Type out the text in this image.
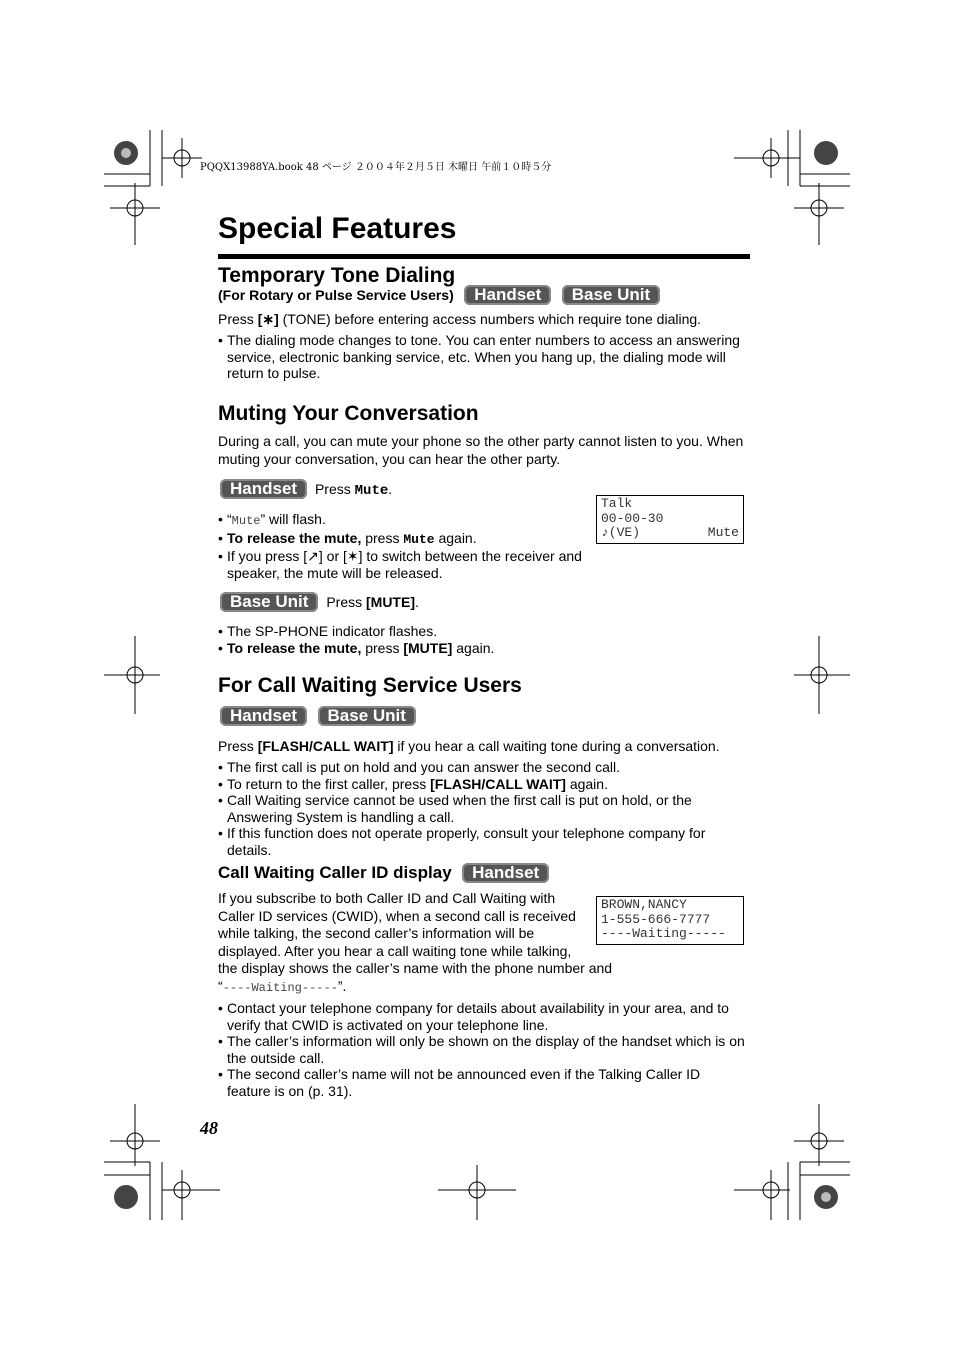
PQQX13988YA.book 48 ページ ２００４年２月５日 木曜日 午前１０時５分
Special Features
Temporary Tone Dialing
(For Rotary or Pulse Service Users) Handset Base Unit

Press [∗] (TONE) before entering access numbers which require tone dialing.

• The dialing mode changes to tone. You can enter numbers to access an answering service, electronic banking service, etc. When you hang up, the dialing mode will return to pulse.
Muting Your Conversation

During a call, you can mute your phone so the other party cannot listen to you. When muting your conversation, you can hear the other party.

Handset Press Mute.
Talk
00-00-30
♪(VE)	Mute
• “Mute” will flash.
• To release the mute, press Mute again.
• If you press [↗] or [✶] to switch between the receiver and speaker, the mute will be released.
Base Unit Press [MUTE].
• The SP-PHONE indicator flashes.
• To release the mute, press [MUTE] again.
For Call Waiting Service Users
Handset Base Unit

Press [FLASH/CALL WAIT] if you hear a call waiting tone during a conversation.

• The first call is put on hold and you can answer the second call.
• To return to the first caller, press [FLASH/CALL WAIT] again.
• Call Waiting service cannot be used when the first call is put on hold, or the Answering System is handling a call.
• If this function does not operate properly, consult your telephone company for details.
Call Waiting Caller ID display Handset
BROWN,NANCY
1-555-666-7777
----Waiting-----

If you subscribe to both Caller ID and Call Waiting with Caller ID services (CWID), when a second call is received while talking, the second caller’s information will be displayed. After you hear a call waiting tone while talking,

the display shows the caller’s name with the phone number and

“----Waiting-----”.

• Contact your telephone company for details about availability in your area, and to verify that CWID is activated on your telephone line.
• The caller’s information will only be shown on the display of the handset which is on the outside call.
• The second caller’s name will not be announced even if the Talking Caller ID feature is on (p. 31).
48
